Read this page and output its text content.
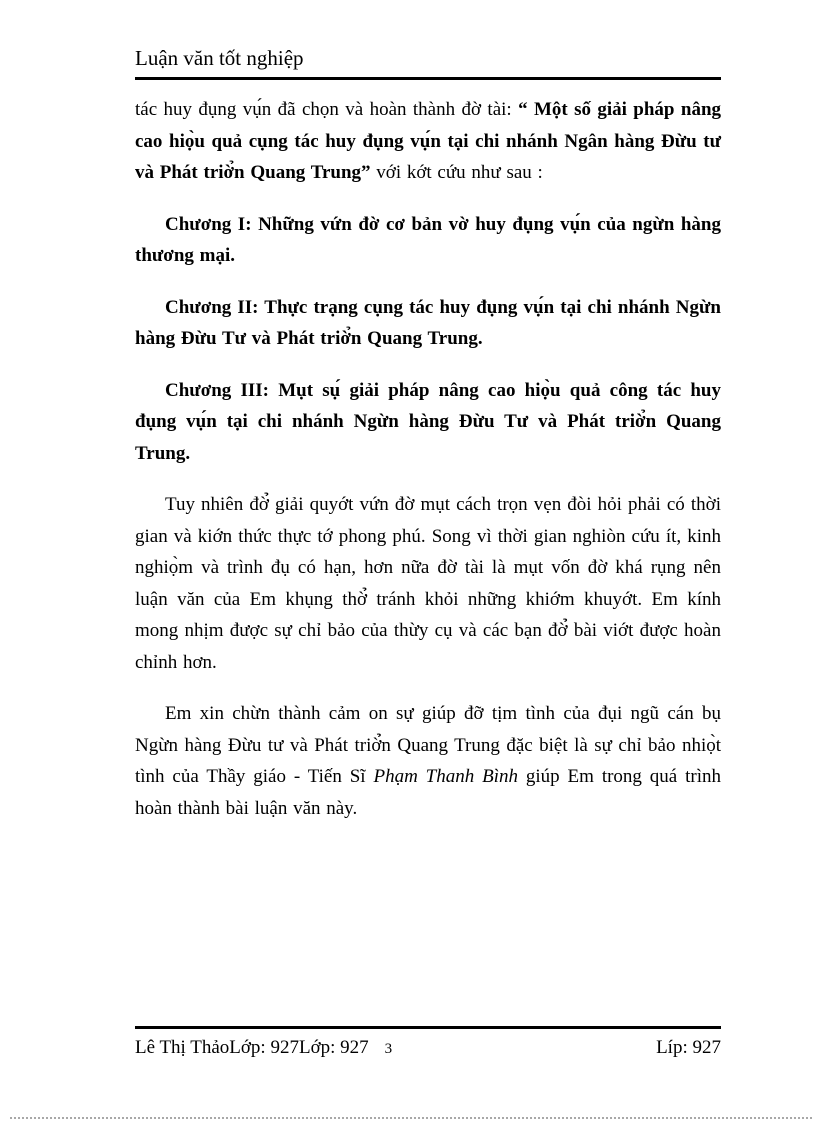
Luận văn tốt nghiệp

tác huy đụng vụ́n đã chọn và hoàn thành đờ tài: “ Một số giải pháp nâng cao hiọ̀u quả cụng tác huy đụng vụ́n tại chi nhánh Ngân hàng Đừu tư và Phát triờ̉n Quang Trung” với kớt cứu như sau :

Chương I: Những vứn đờ cơ bản vờ huy đụng vụ́n của ngừn hàng thương mại.

Chương II: Thực trạng cụng tác huy đụng vụ́n tại chi nhánh Ngừn hàng Đừu Tư và Phát triờ̉n Quang Trung.

Chương III: Mụt sụ́ giải pháp nâng cao hiọ̀u quả công tác huy đụng vụ́n tại chi nhánh Ngừn hàng Đừu Tư và Phát triờ̉n Quang Trung.

Tuy nhiên đờ̉ giải quyớt vứn đờ mụt cách trọn vẹn đòi hỏi phải có thời gian và kiớn thức thực tớ phong phú. Song vì thời gian nghiòn cứu ít, kinh nghiọ̀m và trình đụ có hạn, hơn nữa đờ tài là mụt vốn đờ khá rụng nên luận văn của Em khụng thờ̉ tránh khỏi những khiớm khuyớt. Em kính mong nhịm được sự chỉ bảo của thừy cụ và các bạn đờ̉ bài viớt được hoàn chỉnh hơn.

Em xin chừn thành cảm on sự giúp đỡ tịm tình của đụi ngũ cán bụ Ngừn hàng Đừu tư và Phát triờ̉n Quang Trung đặc biệt là sự chỉ bảo nhiọ̀t tình của Thầy giáo - Tiến Sĩ Phạm Thanh Bình giúp Em trong quá trình hoàn thành bài luận văn này.

Lê Thị ThảoLớp: 927Lớp: 927 3	Líp: 927
